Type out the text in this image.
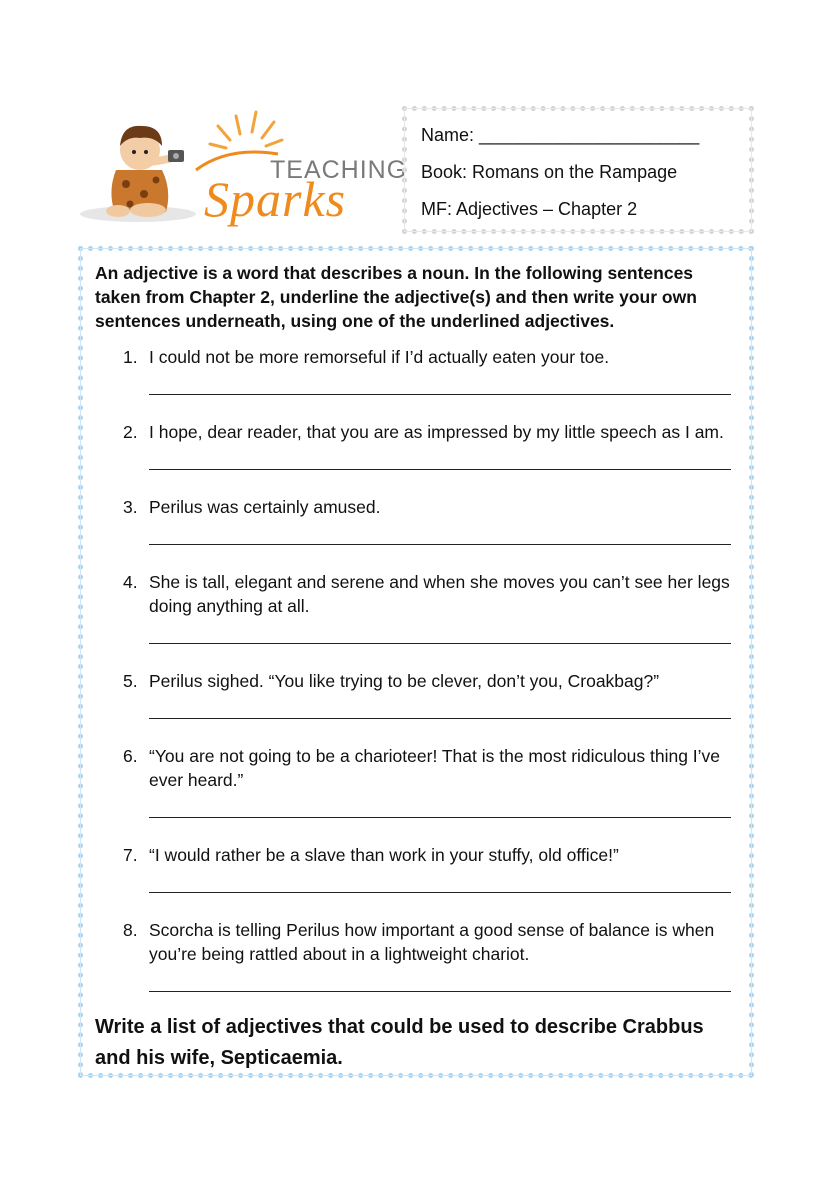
TEACHING
Sparks
Name: ______________________
Book: Romans on the Rampage
MF: Adjectives – Chapter 2

An adjective is a word that describes a noun. In the following sentences taken from Chapter 2, underline the adjective(s) and then write your own sentences underneath, using one of the underlined adjectives.

1. I could not be more remorseful if I’d actually eaten your toe.
2. I hope, dear reader, that you are as impressed by my little speech as I am.
3. Perilus was certainly amused.
4. She is tall, elegant and serene and when she moves you can’t see her legs doing anything at all.
5. Perilus sighed. “You like trying to be clever, don’t you, Croakbag?”
6. “You are not going to be a charioteer! That is the most ridiculous thing I’ve ever heard.”
7. “I would rather be a slave than work in your stuffy, old office!”
8. Scorcha is telling Perilus how important a good sense of balance is when you’re being rattled about in a lightweight chariot.

Write a list of adjectives that could be used to describe Crabbus and his wife, Septicaemia.
